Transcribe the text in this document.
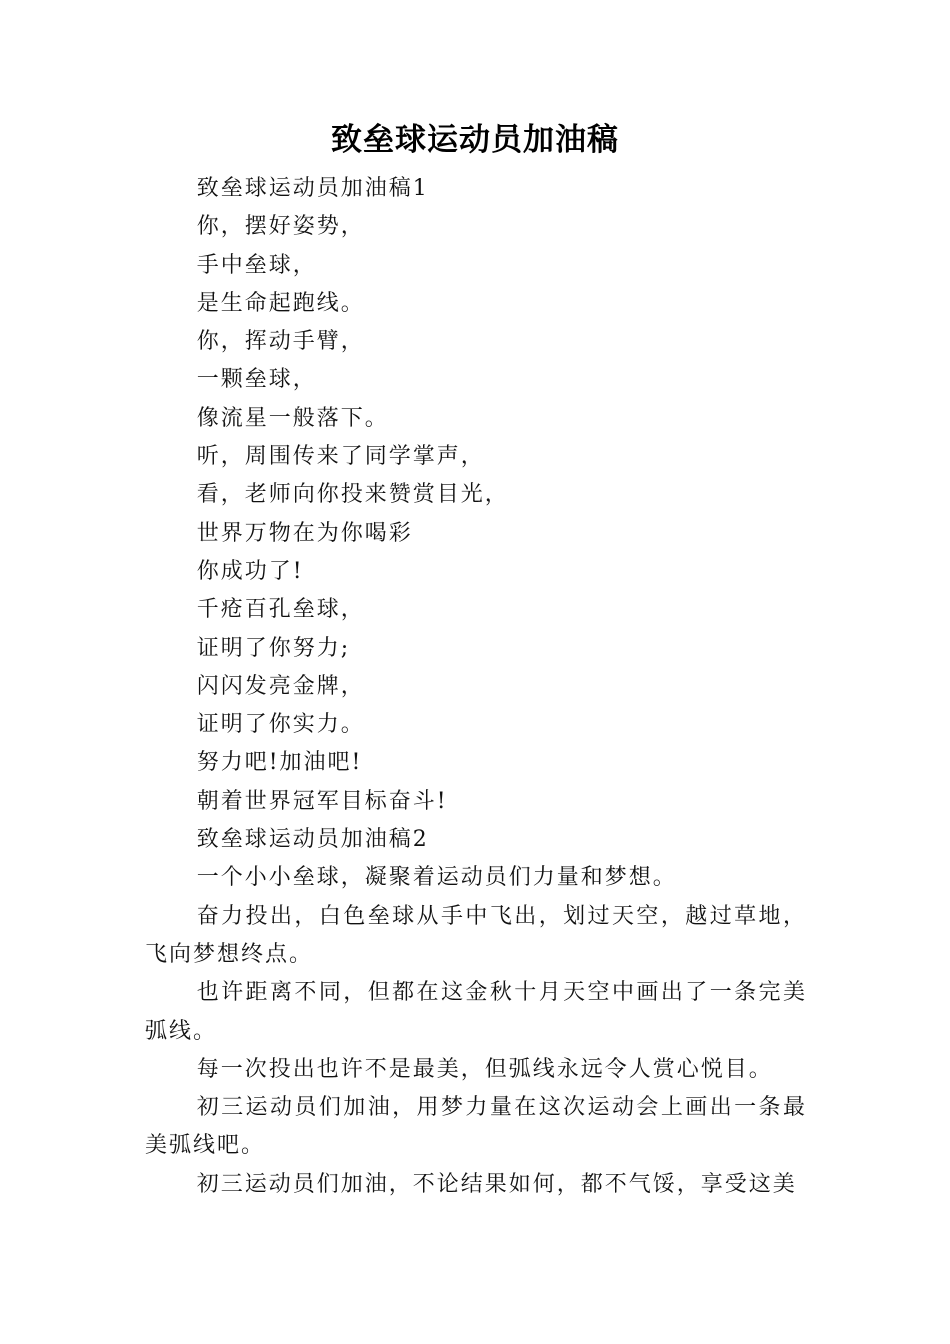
致垒球运动员加油稿

致垒球运动员加油稿1

你，摆好姿势，

手中垒球，

是生命起跑线。

你，挥动手臂，

一颗垒球，

像流星一般落下。

听，周围传来了同学掌声，

看，老师向你投来赞赏目光，

世界万物在为你喝彩

你成功了!

千疮百孔垒球，

证明了你努力;

闪闪发亮金牌，

证明了你实力。

努力吧!加油吧!

朝着世界冠军目标奋斗!

致垒球运动员加油稿2

一个小小垒球，凝聚着运动员们力量和梦想。

奋力投出，白色垒球从手中飞出，划过天空，越过草地，飞向梦想终点。

也许距离不同，但都在这金秋十月天空中画出了一条完美弧线。

每一次投出也许不是最美，但弧线永远令人赏心悦目。

初三运动员们加油，用梦力量在这次运动会上画出一条最美弧线吧。

初三运动员们加油，不论结果如何，都不气馁，享受这美
